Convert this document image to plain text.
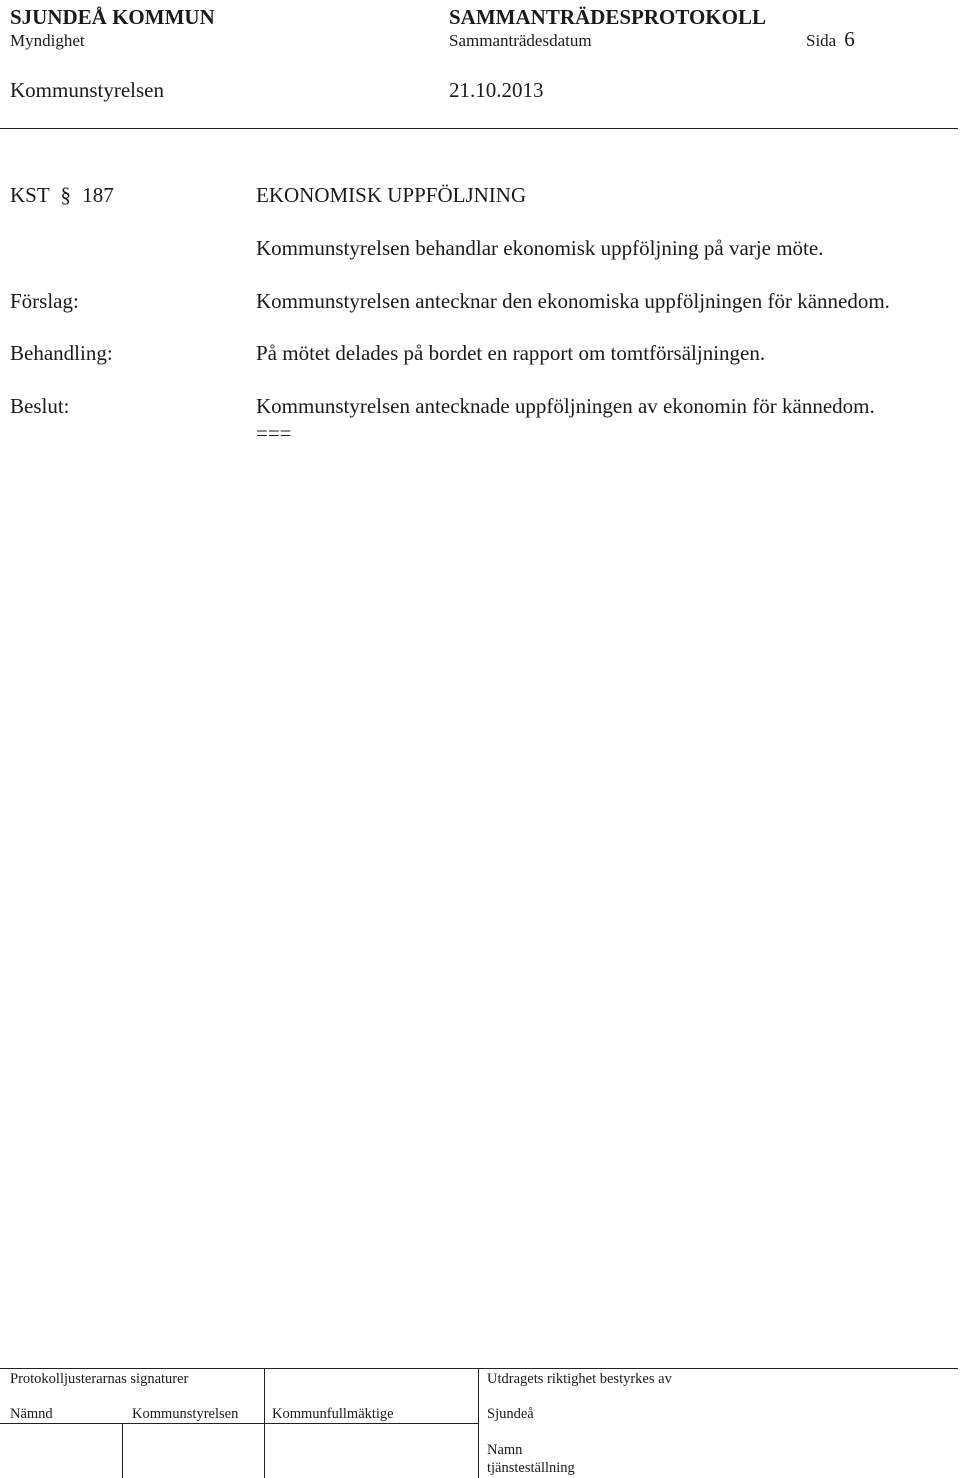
SJUNDEÅ KOMMUN
Myndighet
SAMMANTRÄDESPROTOKOLL
Sammanträdesdatum	Sida 6
Kommunstyrelsen	21.10.2013
KST § 187	EKONOMISK UPPFÖLJNING
Kommunstyrelsen behandlar ekonomisk uppföljning på varje möte.
Förslag:	Kommunstyrelsen antecknar den ekonomiska uppföljningen för kännedom.
Behandling:	På mötet delades på bordet en rapport om tomtförsäljningen.
Beslut:	Kommunstyrelsen antecknade uppföljningen av ekonomin för kännedom.
===
Protokolljusterarnas signaturer	Utdragets riktighet bestyrkes av
Nämnd	Kommunstyrelsen Kommunfullmäktige	Sjundeå
Namn
tjänsteställning
